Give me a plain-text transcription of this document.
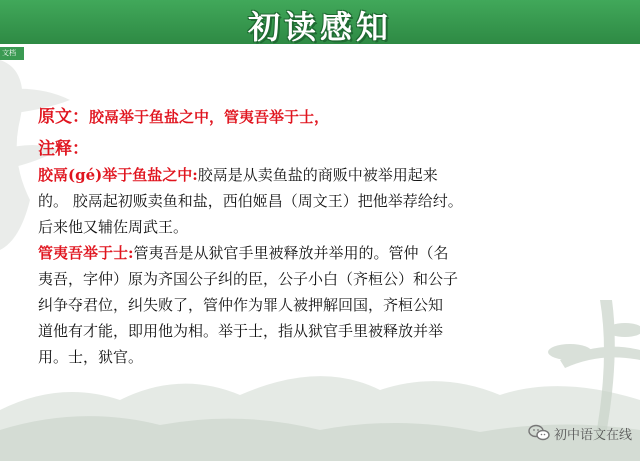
初读感知
文档
原文：胶鬲举于鱼盐之中，管夷吾举于士，
注释：
胶鬲(gé)举于鱼盐之中:胶鬲是从卖鱼盐的商贩中被举用起来
的。 胶鬲起初贩卖鱼和盐，西伯姬昌（周文王）把他举荐给纣。
后来他又辅佐周武王。
管夷吾举于士:管夷吾是从狱官手里被释放并举用的。管仲（名
夷吾，字仲）原为齐国公子纠的臣，公子小白（齐桓公）和公子
纠争夺君位，纠失败了，管仲作为罪人被押解回国，齐桓公知
道他有才能，即用他为相。举于士，指从狱官手里被释放并举
用。士，狱官。
初中语文在线
